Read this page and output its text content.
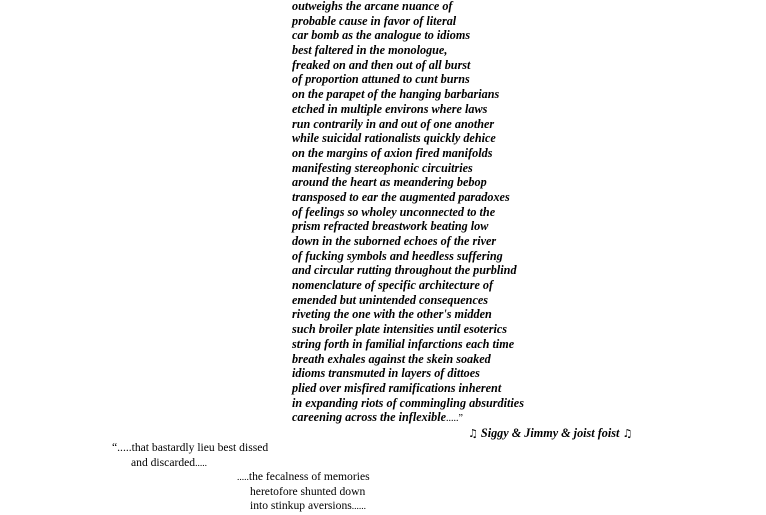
outweighs the arcane nuance of
probable cause in favor of literal
car bomb as the analogue to idioms
best faltered in the monologue,
freaked on and then out of all burst
of proportion attuned to cunt burns
on the parapet of the hanging barbarians
etched in multiple environs where laws
run contrarily in and out of one another
while suicidal rationalists quickly dehice
on the margins of axion fired manifolds
manifesting stereophonic circuitries
around the heart as meandering bebop
transposed to ear the augmented paradoxes
of feelings so wholey unconnected to the
prism refracted breastwork beating low
down in the suborned echoes of the river
of fucking symbols and heedless suffering
and circular rutting throughout the purblind
nomenclature of specific architecture of
emended but unintended consequences
riveting the one with the other's midden
such broiler plate intensities until esoterics
string forth in familial infarctions each time
breath exhales against the skein soaked
idioms transmuted in layers of dittoes
plied over misfired ramifications inherent
in expanding riots of commingling absurdities
careening across the inflexible.....”
♫ Siggy & Jimmy & joist foist ♫
“.....that bastardly lieu best dissed
and discarded.....
.....the fecalness of memories
heretofore shunted down
into stinkup aversions......
